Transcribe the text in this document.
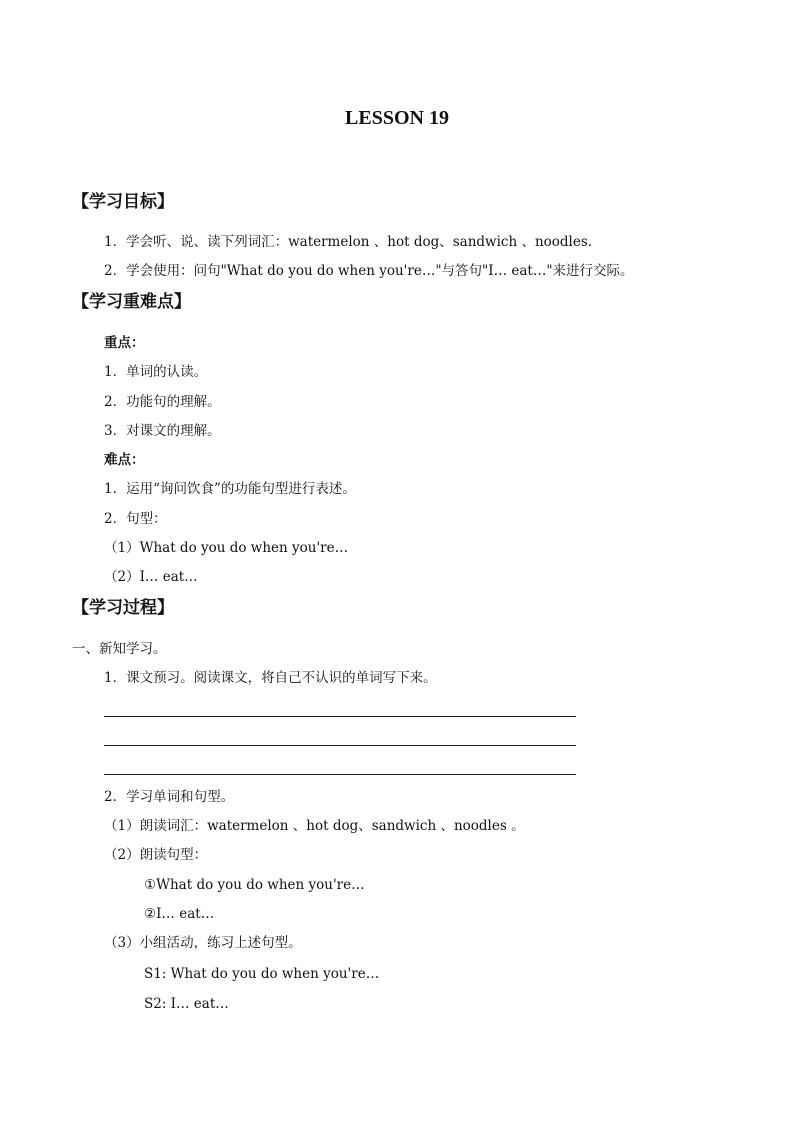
LESSON 19
【学习目标】
1．学会听、说、读下列词汇：watermelon 、hot dog、sandwich 、noodles.
2．学会使用：问句"What do you do when you're…"与答句"I… eat…"来进行交际。
【学习重难点】
重点：
1．单词的认读。
2．功能句的理解。
3．对课文的理解。
难点：
1．运用“询问饮食”的功能句型进行表述。
2．句型：
（1）What do you do when you're…
（2）I… eat…
【学习过程】
一、新知学习。
1．课文预习。阅读课文，将自己不认识的单词写下来。
2．学习单词和句型。
（1）朗读词汇：watermelon 、hot dog、sandwich 、noodles 。
（2）朗读句型：
①What do you do when you're…
②I… eat…
（3）小组活动，练习上述句型。
S1: What do you do when you're…
S2: I… eat…
